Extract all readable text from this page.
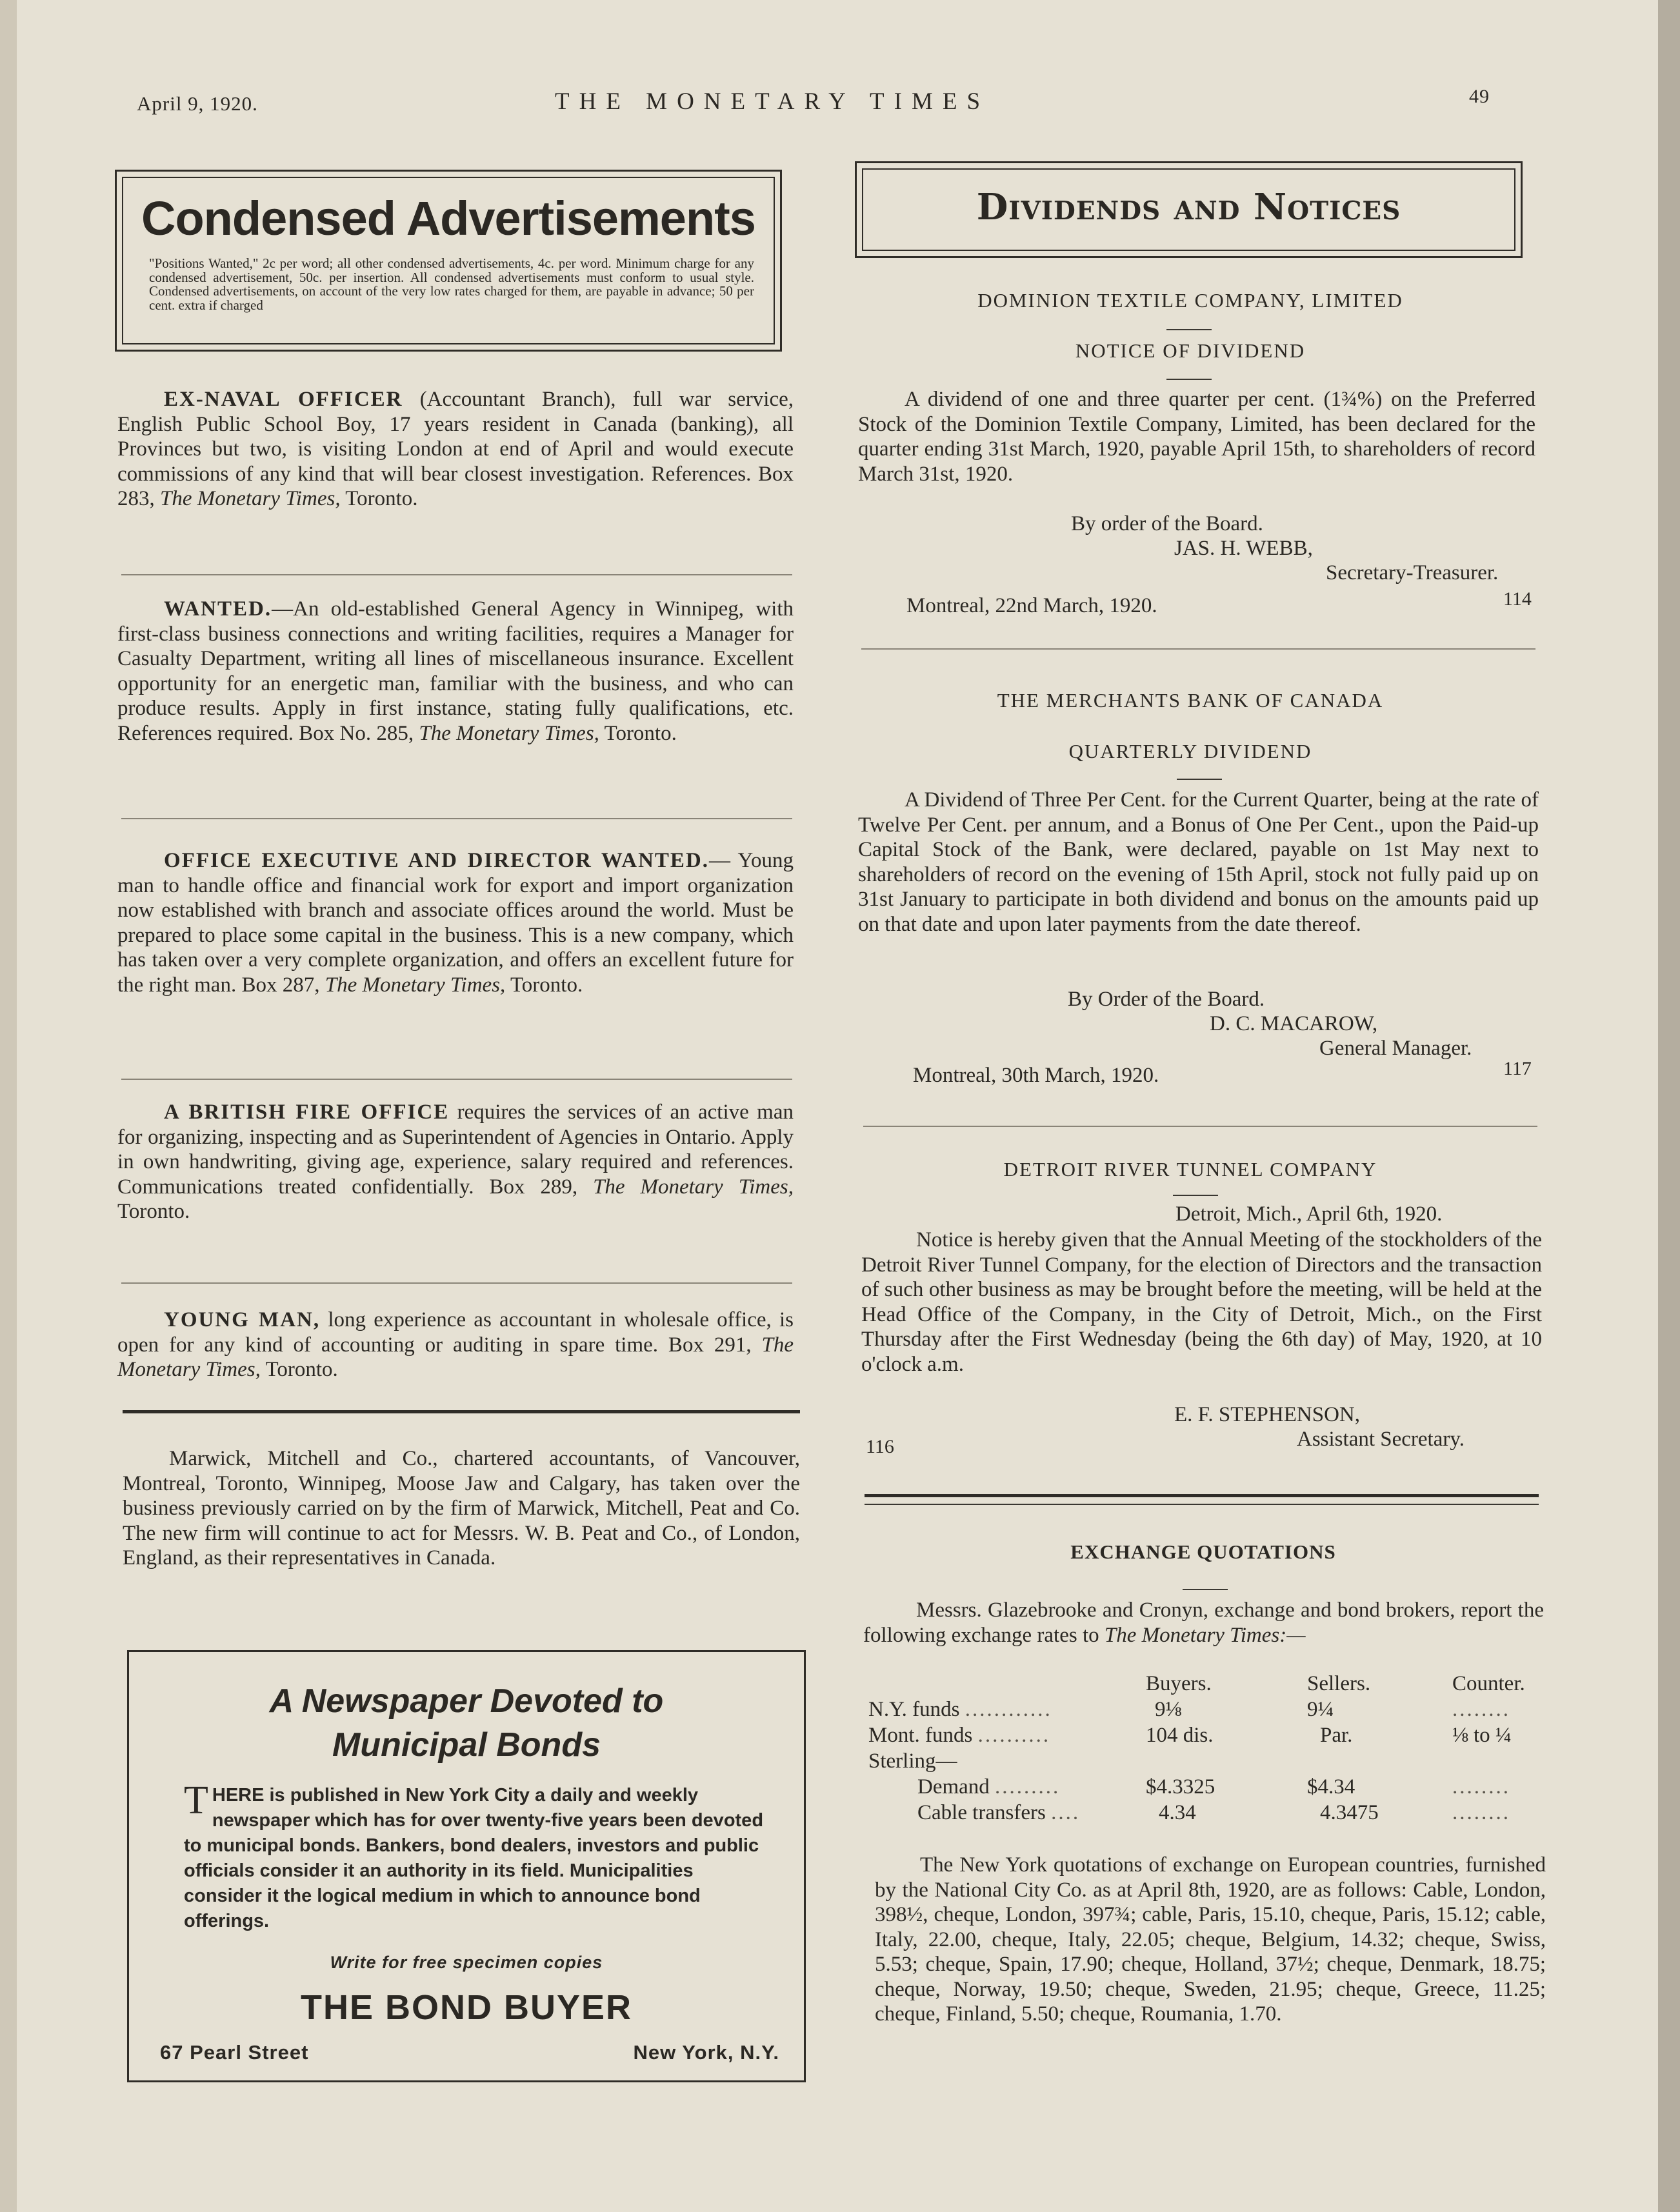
April 9, 1920.	THE MONETARY TIMES	49
Condensed Advertisements
"Positions Wanted," 2c per word; all other condensed advertisements, 4c. per word. Minimum charge for any condensed advertisement, 50c. per insertion. All condensed advertisements must conform to usual style. Condensed advertisements, on account of the very low rates charged for them, are payable in advance; 50 per cent. extra if charged

EX-NAVAL OFFICER (Accountant Branch), full war service, English Public School Boy, 17 years resident in Canada (banking), all Provinces but two, is visiting London at end of April and would execute commissions of any kind that will bear closest investigation. References. Box 283, The Monetary Times, Toronto.

WANTED.—An old-established General Agency in Winnipeg, with first-class business connections and writing facilities, requires a Manager for Casualty Department, writing all lines of miscellaneous insurance. Excellent opportunity for an energetic man, familiar with the business, and who can produce results. Apply in first instance, stating fully qualifications, etc. References required. Box No. 285, The Monetary Times, Toronto.

OFFICE EXECUTIVE AND DIRECTOR WANTED.— Young man to handle office and financial work for export and import organization now established with branch and associate offices around the world. Must be prepared to place some capital in the business. This is a new company, which has taken over a very complete organization, and offers an excellent future for the right man. Box 287, The Monetary Times, Toronto.

A BRITISH FIRE OFFICE requires the services of an active man for organizing, inspecting and as Superintendent of Agencies in Ontario. Apply in own handwriting, giving age, experience, salary required and references. Communications treated confidentially. Box 289, The Monetary Times, Toronto.

YOUNG MAN, long experience as accountant in wholesale office, is open for any kind of accounting or auditing in spare time. Box 291, The Monetary Times, Toronto.

Marwick, Mitchell and Co., chartered accountants, of Vancouver, Montreal, Toronto, Winnipeg, Moose Jaw and Calgary, has taken over the business previously carried on by the firm of Marwick, Mitchell, Peat and Co. The new firm will continue to act for Messrs. W. B. Peat and Co., of London, England, as their representatives in Canada.

A Newspaper Devoted to
Municipal Bonds
THERE is published in New York City a daily and weekly newspaper which has for over twenty-five years been devoted to municipal bonds. Bankers, bond dealers, investors and public officials consider it an authority in its field. Municipalities consider it the logical medium in which to announce bond offerings.
Write for free specimen copies
THE BOND BUYER
67 Pearl Street	New York, N.Y.
Dividends and Notices
DOMINION TEXTILE COMPANY, LIMITED
NOTICE OF DIVIDEND

A dividend of one and three quarter per cent. (1¾%) on the Preferred Stock of the Dominion Textile Company, Limited, has been declared for the quarter ending 31st March, 1920, payable April 15th, to shareholders of record March 31st, 1920.

By order of the Board.
JAS. H. WEBB,
Secretary-Treasurer.
Montreal, 22nd March, 1920.	114
THE MERCHANTS BANK OF CANADA
QUARTERLY DIVIDEND

A Dividend of Three Per Cent. for the Current Quarter, being at the rate of Twelve Per Cent. per annum, and a Bonus of One Per Cent., upon the Paid-up Capital Stock of the Bank, were declared, payable on 1st May next to shareholders of record on the evening of 15th April, stock not fully paid up on 31st January to participate in both dividend and bonus on the amounts paid up on that date and upon later payments from the date thereof.

By Order of the Board.
D. C. MACAROW,
General Manager.
Montreal, 30th March, 1920.	117
DETROIT RIVER TUNNEL COMPANY
Detroit, Mich., April 6th, 1920.

Notice is hereby given that the Annual Meeting of the stockholders of the Detroit River Tunnel Company, for the election of Directors and the transaction of such other business as may be brought before the meeting, will be held at the Head Office of the Company, in the City of Detroit, Mich., on the First Thursday after the First Wednesday (being the 6th day) of May, 1920, at 10 o'clock a.m.

E. F. STEPHENSON,
Assistant Secretary.
116
EXCHANGE QUOTATIONS

Messrs. Glazebrooke and Cronyn, exchange and bond brokers, report the following exchange rates to The Monetary Times:—

	Buyers.	Sellers.	Counter.
N.Y. funds ............	9⅛	9¼	........
Mont. funds ..........	104 dis.	Par.	⅛ to ¼
Sterling—			
Demand .........	$4.3325	$4.34	........
Cable transfers ....	4.34	4.3475	........

The New York quotations of exchange on European countries, furnished by the National City Co. as at April 8th, 1920, are as follows: Cable, London, 398½, cheque, London, 397¾; cable, Paris, 15.10, cheque, Paris, 15.12; cable, Italy, 22.00, cheque, Italy, 22.05; cheque, Belgium, 14.32; cheque, Swiss, 5.53; cheque, Spain, 17.90; cheque, Holland, 37½; cheque, Denmark, 18.75; cheque, Norway, 19.50; cheque, Sweden, 21.95; cheque, Greece, 11.25; cheque, Finland, 5.50; cheque, Roumania, 1.70.
